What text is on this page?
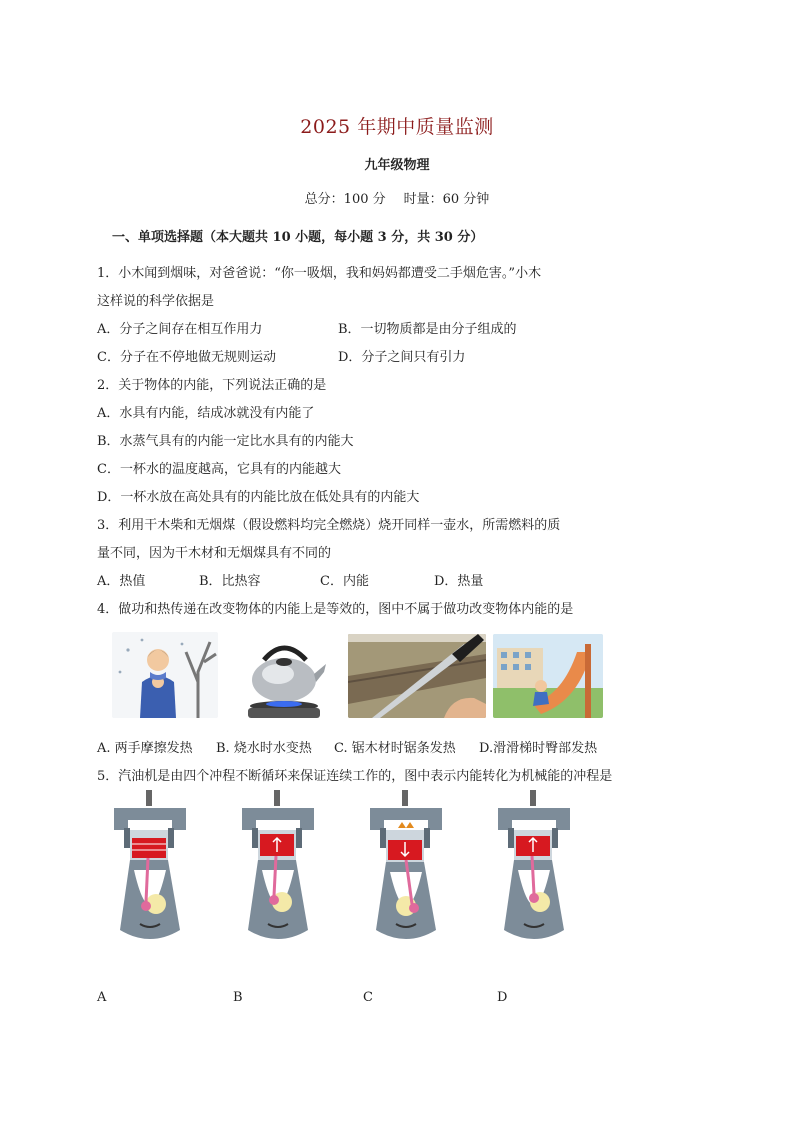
2025 年期中质量监测
九年级物理
总分：100 分 时量：60 分钟
一、单项选择题（本大题共 10 小题，每小题 3 分，共 30 分）
1．小木闻到烟味，对爸爸说：“你一吸烟，我和妈妈都遭受二手烟危害。”小木
这样说的科学依据是
A．分子之间存在相互作用力	B．一切物质都是由分子组成的
C．分子在不停地做无规则运动	D．分子之间只有引力
2．关于物体的内能，下列说法正确的是
A．水具有内能，结成冰就没有内能了
B．水蒸气具有的内能一定比水具有的内能大
C．一杯水的温度越高，它具有的内能越大
D．一杯水放在高处具有的内能比放在低处具有的内能大
3．利用干木柴和无烟煤（假设燃料均完全燃烧）烧开同样一壶水，所需燃料的质
量不同，因为干木材和无烟煤具有不同的
A．热值	B．比热容	C．内能	D．热量
4．做功和热传递在改变物体的内能上是等效的，图中不属于做功改变物体内能的是
A. 两手摩擦发热 B. 烧水时水变热 C. 锯木材时锯条发热 D.滑滑梯时臀部发热
5．汽油机是由四个冲程不断循环来保证连续工作的，图中表示内能转化为机械能的冲程是
A	B	C	D
